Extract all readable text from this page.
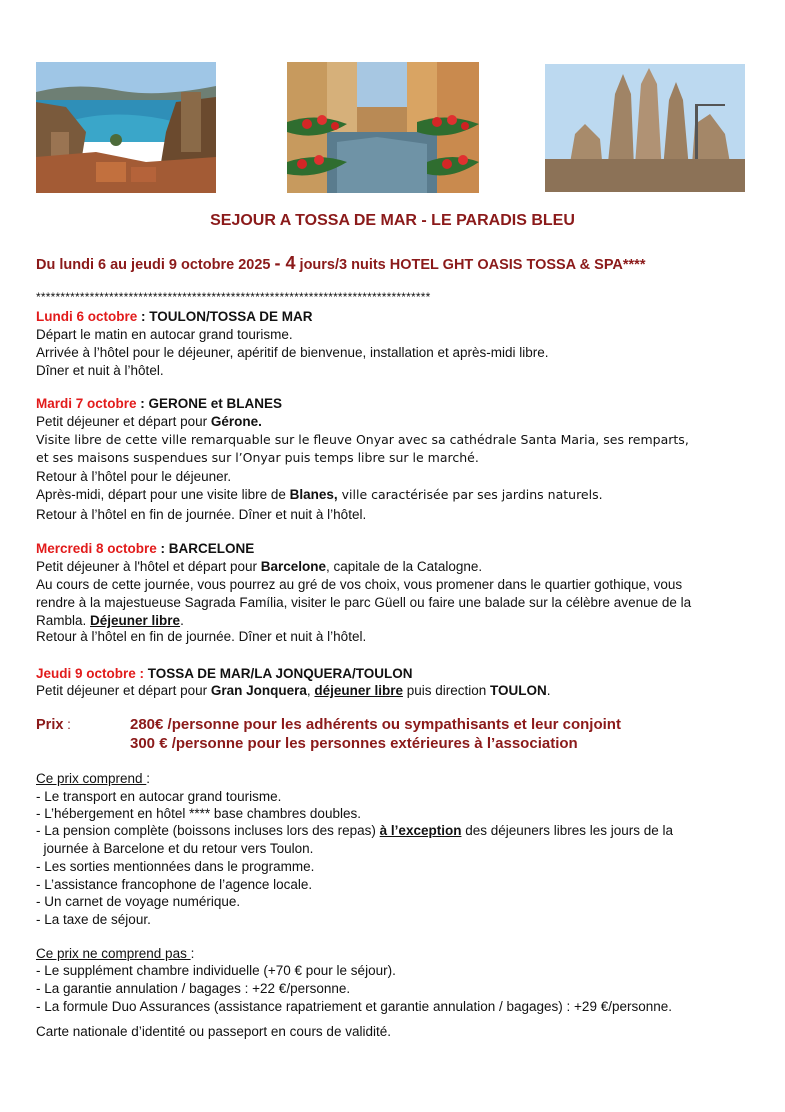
SEJOUR A TOSSA DE MAR - LE PARADIS BLEU
Du lundi 6 au jeudi 9 octobre 2025 - 4 jours/3 nuits HOTEL GHT OASIS TOSSA & SPA****
*********************************************************************************
Lundi 6 octobre : TOULON/TOSSA DE MAR
Départ le matin en autocar grand tourisme.
Arrivée à l’hôtel pour le déjeuner, apéritif de bienvenue, installation et après-midi libre.
Dîner et nuit à l’hôtel.
Mardi 7 octobre : GERONE et BLANES
Petit déjeuner et départ pour Gérone.
Visite libre de cette ville remarquable sur le fleuve Onyar avec sa cathédrale Santa Maria, ses remparts,
et ses maisons suspendues sur l’Onyar puis temps libre sur le marché.
Retour à l’hôtel pour le déjeuner.
Après-midi, départ pour une visite libre de Blanes, ville caractérisée par ses jardins naturels.
Retour à l’hôtel en fin de journée. Dîner et nuit à l’hôtel.
Mercredi 8 octobre : BARCELONE
Petit déjeuner à l'hôtel et départ pour Barcelone, capitale de la Catalogne.
Au cours de cette journée, vous pourrez au gré de vos choix, vous promener dans le quartier gothique, vous
rendre à la majestueuse Sagrada Família, visiter le parc Güell ou faire une balade sur la célèbre avenue de la
Rambla. Déjeuner libre.
Retour à l’hôtel en fin de journée. Dîner et nuit à l’hôtel.
Jeudi 9 octobre : TOSSA DE MAR/LA JONQUERA/TOULON
Petit déjeuner et départ pour Gran Jonquera, déjeuner libre puis direction TOULON.
Prix :	280€ /personne pour les adhérents ou sympathisants et leur conjoint
300 € /personne pour les personnes extérieures à l’association
Ce prix comprend :
- Le transport en autocar grand tourisme.
- L’hébergement en hôtel **** base chambres doubles.
- La pension complète (boissons incluses lors des repas) à l’exception des déjeuners libres les jours de la
journée à Barcelone et du retour vers Toulon.
- Les sorties mentionnées dans le programme.
- L’assistance francophone de l’agence locale.
- Un carnet de voyage numérique.
- La taxe de séjour.
Ce prix ne comprend pas :
- Le supplément chambre individuelle (+70 € pour le séjour).
- La garantie annulation / bagages : +22 €/personne.
- La formule Duo Assurances (assistance rapatriement et garantie annulation / bagages) : +29 €/personne.
Carte nationale d’identité ou passeport en cours de validité.
